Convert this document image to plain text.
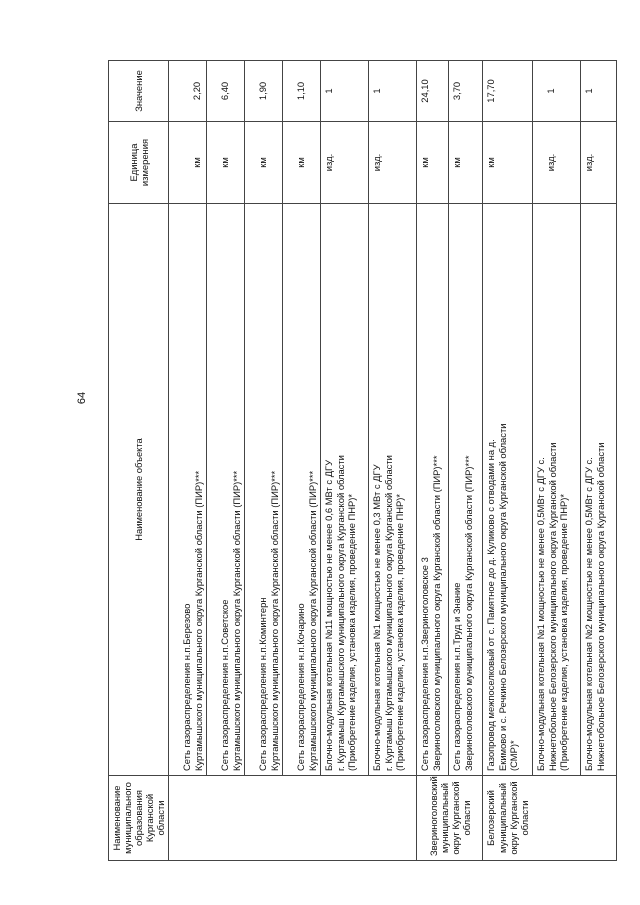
64
Наименование муниципального образования Курганской области	Наименование объекта	Единица измерения	Значение

	Сеть газораспределения н.п.Березово Куртамышского муниципального округа Курганской области (ПИР)***	км	2,20

	Сеть газораспределения н.п.Советское Куртамышского муниципального округа Курганской области (ПИР)***	км	6,40

	Сеть газораспределения н.п.Коминтерн Куртамышского муниципального округа Курганской области (ПИР)***	км	1,90

	Сеть газораспределения н.п.Кочарино Куртамышского муниципального округа Курганской области (ПИР)***	км	1,10

	Блочно-модульная котельная №11 мощностью не менее 0,6 МВт с ДГУ г. Куртамыш Куртамышского муниципального округа Курганской области (Приобретение изделия, установка изделия, проведение ПНР)*	изд.	1

	Блочно-модульная котельная №1 мощностью не менее 0,3 МВт с ДГУ г. Куртамыш Куртамышского муниципального округа Курганской области (Приобретение изделия, установка изделия, проведение ПНР)*	изд.	1
Звериноголовский муниципальный округ Курганской области	Сеть газораспределения н.п.Звериноголовское 3 Звериноголовского муниципального округа Курганской области (ПИР)***	км	24,10

	Сеть газораспределения н.п.Труд и Знание Звериноголовского муниципального округа Курганской области (ПИР)***	км	3,70
Белозерский муниципальный округ Курганской области	Газопровод межпоселковый от с. Памятное до д. Куликово с отводами на д. Екимово и с. Речкино Белозерского муниципального округа Курганской области (СМР)*	км	17,70

	Блочно-модульная котельная №1 мощностью не менее 0,5МВт с ДГУ с. Нижнетобольное Белозерского муниципального округа Курганской области (Приобретение изделия, установка изделия, проведение ПНР)*	изд.	1

	Блочно-модульная котельная №2 мощностью не менее 0,5МВт с ДГУ с. Нижнетобольное Белозерского муниципального округа Курганской области	изд.	1
